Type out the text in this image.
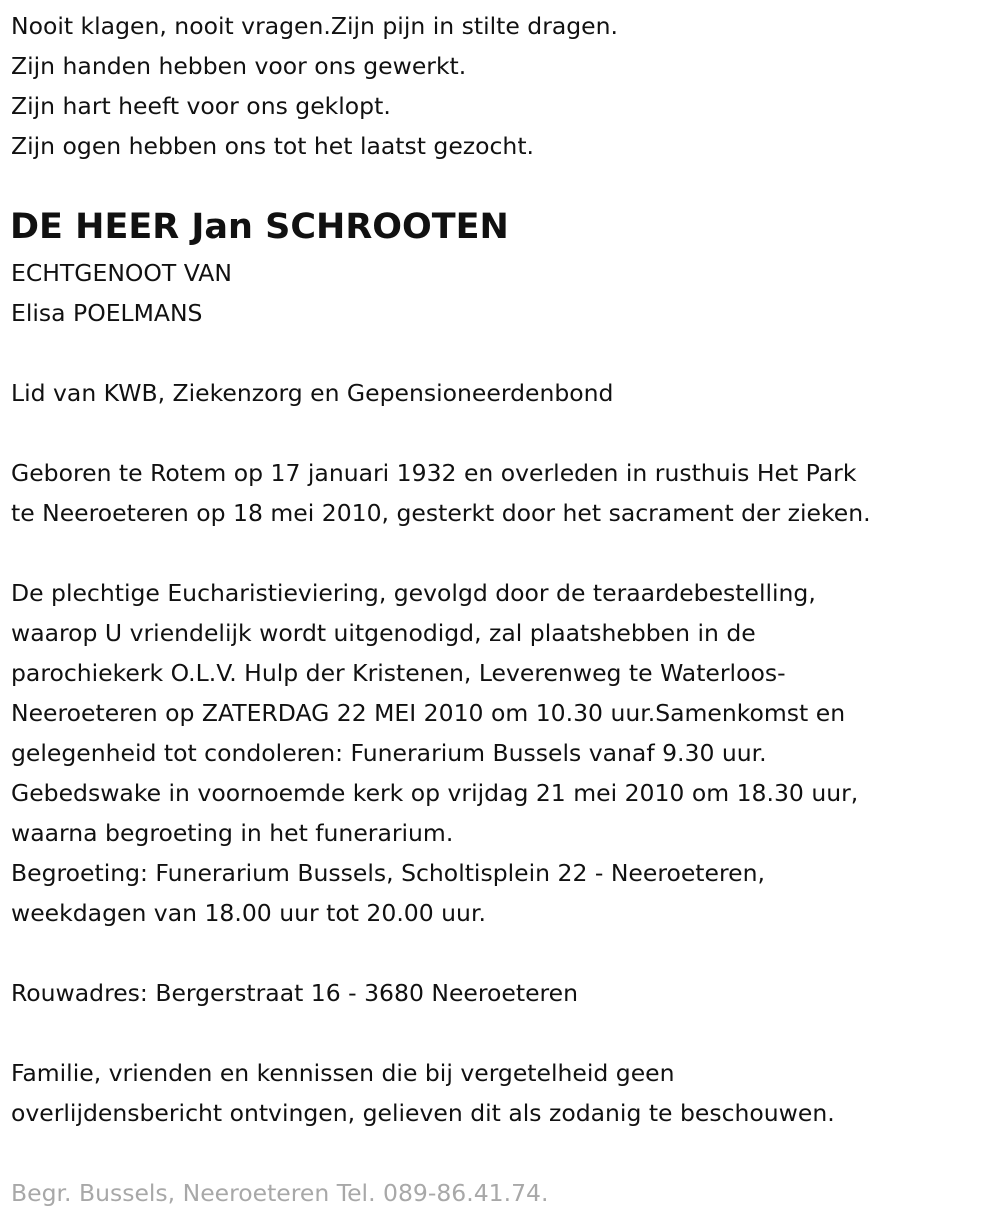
Nooit klagen, nooit vragen.Zijn pijn in stilte dragen.
Zijn handen hebben voor ons gewerkt.
Zijn hart heeft voor ons geklopt.
Zijn ogen hebben ons tot het laatst gezocht.
DE HEER Jan SCHROOTEN
ECHTGENOOT VAN
Elisa POELMANS
Lid van KWB, Ziekenzorg en Gepensioneerdenbond
Geboren te Rotem op 17 januari 1932 en overleden in rusthuis Het Park
te Neeroeteren op 18 mei 2010, gesterkt door het sacrament der zieken.
De plechtige Eucharistieviering, gevolgd door de teraardebestelling,
waarop U vriendelijk wordt uitgenodigd, zal plaatshebben in de
parochiekerk O.L.V. Hulp der Kristenen, Leverenweg te Waterloos-
Neeroeteren op ZATERDAG 22 MEI 2010 om 10.30 uur.Samenkomst en
gelegenheid tot condoleren: Funerarium Bussels vanaf 9.30 uur.
Gebedswake in voornoemde kerk op vrijdag 21 mei 2010 om 18.30 uur,
waarna begroeting in het funerarium.
Begroeting: Funerarium Bussels, Scholtisplein 22 - Neeroeteren,
weekdagen van 18.00 uur tot 20.00 uur.
Rouwadres: Bergerstraat 16 - 3680 Neeroeteren
Familie, vrienden en kennissen die bij vergetelheid geen
overlijdensbericht ontvingen, gelieven dit als zodanig te beschouwen.
Begr. Bussels, Neeroeteren Tel. 089-86.41.74.
